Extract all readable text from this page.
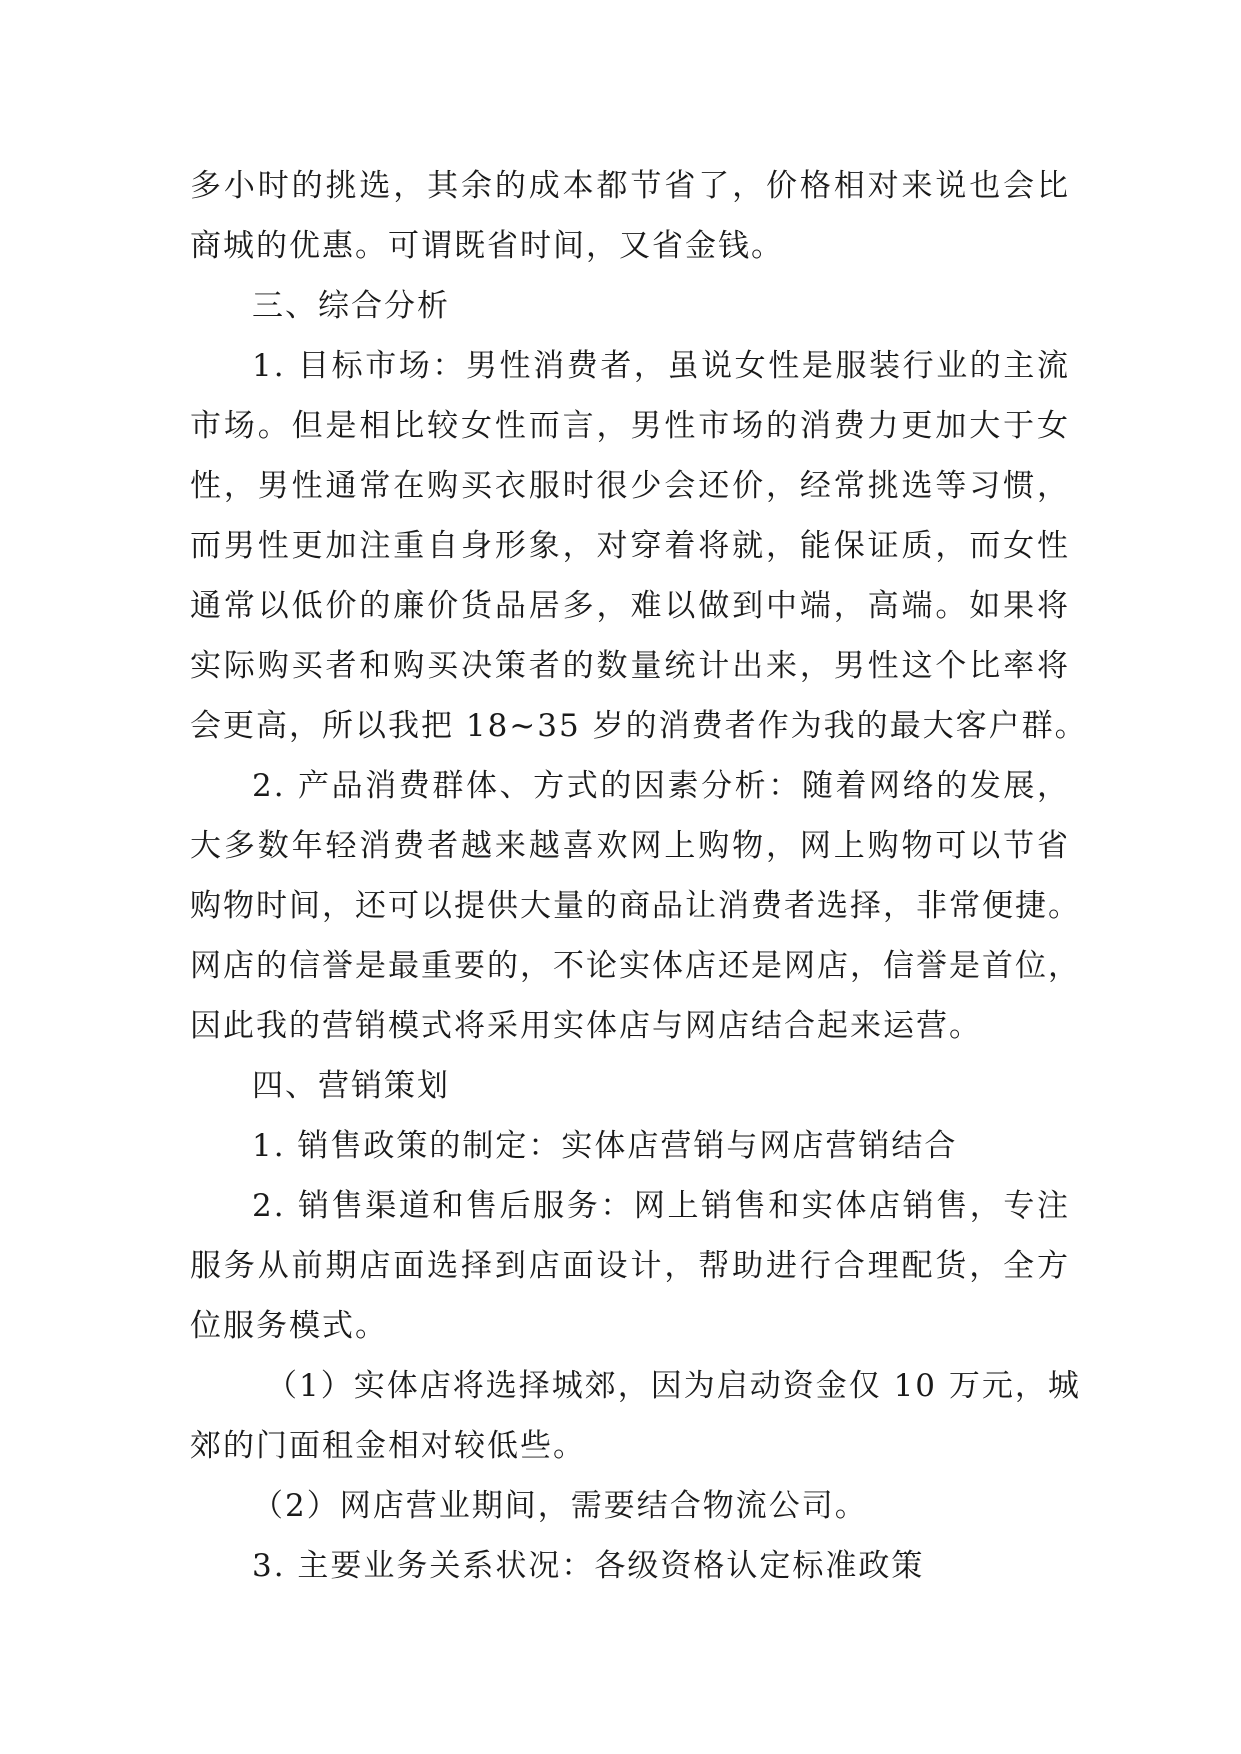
多小时的挑选，其余的成本都节省了，价格相对来说也会比
商城的优惠。可谓既省时间，又省金钱。
三、综合分析
1. 目标市场：男性消费者，虽说女性是服装行业的主流
市场。但是相比较女性而言，男性市场的消费力更加大于女
性，男性通常在购买衣服时很少会还价，经常挑选等习惯，
而男性更加注重自身形象，对穿着将就，能保证质，而女性
通常以低价的廉价货品居多，难以做到中端，高端。如果将
实际购买者和购买决策者的数量统计出来，男性这个比率将
会更高，所以我把 18~35 岁的消费者作为我的最大客户群。
2. 产品消费群体、方式的因素分析：随着网络的发展，
大多数年轻消费者越来越喜欢网上购物，网上购物可以节省
购物时间，还可以提供大量的商品让消费者选择，非常便捷。
网店的信誉是最重要的，不论实体店还是网店，信誉是首位，
因此我的营销模式将采用实体店与网店结合起来运营。
四、营销策划
1. 销售政策的制定：实体店营销与网店营销结合
2. 销售渠道和售后服务：网上销售和实体店销售，专注
服务从前期店面选择到店面设计，帮助进行合理配货，全方
位服务模式。
（1）实体店将选择城郊，因为启动资金仅 10 万元，城
郊的门面租金相对较低些。
（2）网店营业期间，需要结合物流公司。
3. 主要业务关系状况：各级资格认定标准政策
